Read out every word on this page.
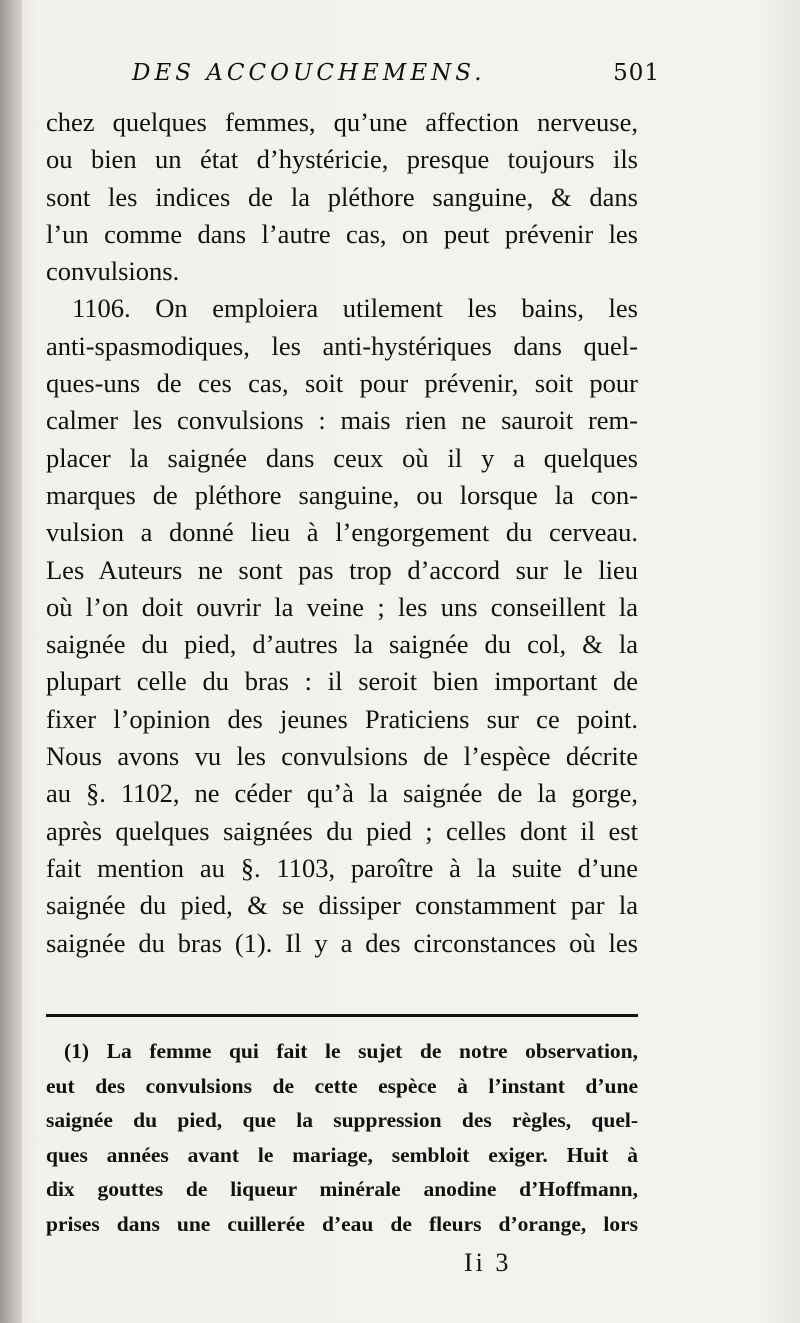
DES ACCOUCHEMENS.	501
chez quelques femmes, qu’une affection nerveuse,
ou bien un état d’hystéricie, presque toujours ils
sont les indices de la pléthore sanguine, & dans
l’un comme dans l’autre cas, on peut prévenir les
convulsions.
1106. On emploiera utilement les bains, les
anti-spasmodiques, les anti-hystériques dans quel-
ques-uns de ces cas, soit pour prévenir, soit pour
calmer les convulsions : mais rien ne sauroit rem-
placer la saignée dans ceux où il y a quelques
marques de pléthore sanguine, ou lorsque la con-
vulsion a donné lieu à l’engorgement du cerveau.
Les Auteurs ne sont pas trop d’accord sur le lieu
où l’on doit ouvrir la veine ; les uns conseillent la
saignée du pied, d’autres la saignée du col, & la
plupart celle du bras : il seroit bien important de
fixer l’opinion des jeunes Praticiens sur ce point.
Nous avons vu les convulsions de l’espèce décrite
au §. 1102, ne céder qu’à la saignée de la gorge,
après quelques saignées du pied ; celles dont il est
fait mention au §. 1103, paroître à la suite d’une
saignée du pied, & se dissiper constamment par la
saignée du bras (1). Il y a des circonstances où les
(1) La femme qui fait le sujet de notre observation,
eut des convulsions de cette espèce à l’instant d’une
saignée du pied, que la suppression des règles, quel-
ques années avant le mariage, sembloit exiger. Huit à
dix gouttes de liqueur minérale anodine d’Hoffmann,
prises dans une cuillerée d’eau de fleurs d’orange, lors
Ii 3
